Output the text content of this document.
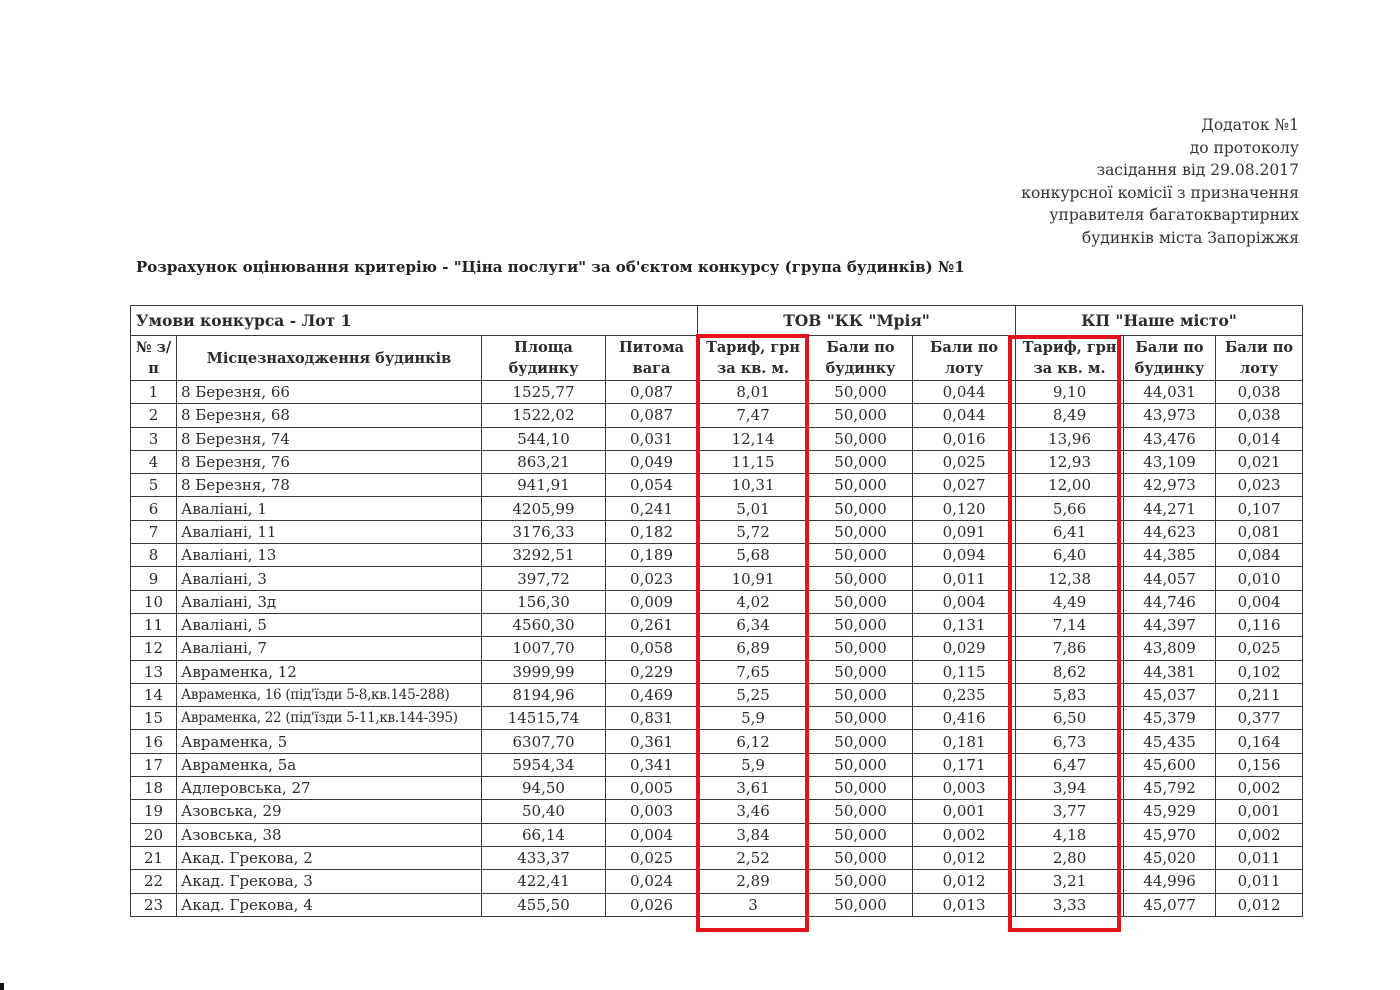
Додаток №1
до протоколу
засідання від 29.08.2017
конкурсної комісії з призначення
управителя багатоквартирних
будинків міста Запоріжжя
Розрахунок оцінювання критерію - "Ціна послуги" за об'єктом конкурсу (група будинків) №1
Умови конкурса - Лот 1				ТОВ "КК "Мрія"			КП "Наше місто"		
№ з/п	Місцезнаходження будинків	Площа будинку	Питома вага	Тариф, грн за кв. м.	Бали по будинку	Бали по лоту	Тариф, грн за кв. м.	Бали по будинку	Бали по лоту
1	8 Березня, 66	1525,77	0,087	8,01	50,000	0,044	9,10	44,031	0,038
2	8 Березня, 68	1522,02	0,087	7,47	50,000	0,044	8,49	43,973	0,038
3	8 Березня, 74	544,10	0,031	12,14	50,000	0,016	13,96	43,476	0,014
4	8 Березня, 76	863,21	0,049	11,15	50,000	0,025	12,93	43,109	0,021
5	8 Березня, 78	941,91	0,054	10,31	50,000	0,027	12,00	42,973	0,023
6	Аваліані, 1	4205,99	0,241	5,01	50,000	0,120	5,66	44,271	0,107
7	Аваліані, 11	3176,33	0,182	5,72	50,000	0,091	6,41	44,623	0,081
8	Аваліані, 13	3292,51	0,189	5,68	50,000	0,094	6,40	44,385	0,084
9	Аваліані, 3	397,72	0,023	10,91	50,000	0,011	12,38	44,057	0,010
10	Аваліані, 3д	156,30	0,009	4,02	50,000	0,004	4,49	44,746	0,004
11	Аваліані, 5	4560,30	0,261	6,34	50,000	0,131	7,14	44,397	0,116
12	Аваліані, 7	1007,70	0,058	6,89	50,000	0,029	7,86	43,809	0,025
13	Авраменка, 12	3999,99	0,229	7,65	50,000	0,115	8,62	44,381	0,102
14	Авраменка, 16 (під'їзди 5-8,кв.145-288)	8194,96	0,469	5,25	50,000	0,235	5,83	45,037	0,211
15	Авраменка, 22 (під'їзди 5-11,кв.144-395)	14515,74	0,831	5,9	50,000	0,416	6,50	45,379	0,377
16	Авраменка, 5	6307,70	0,361	6,12	50,000	0,181	6,73	45,435	0,164
17	Авраменка, 5а	5954,34	0,341	5,9	50,000	0,171	6,47	45,600	0,156
18	Адлеровська, 27	94,50	0,005	3,61	50,000	0,003	3,94	45,792	0,002
19	Азовська, 29	50,40	0,003	3,46	50,000	0,001	3,77	45,929	0,001
20	Азовська, 38	66,14	0,004	3,84	50,000	0,002	4,18	45,970	0,002
21	Акад. Грекова, 2	433,37	0,025	2,52	50,000	0,012	2,80	45,020	0,011
22	Акад. Грекова, 3	422,41	0,024	2,89	50,000	0,012	3,21	44,996	0,011
23	Акад. Грекова, 4	455,50	0,026	3	50,000	0,013	3,33	45,077	0,012
